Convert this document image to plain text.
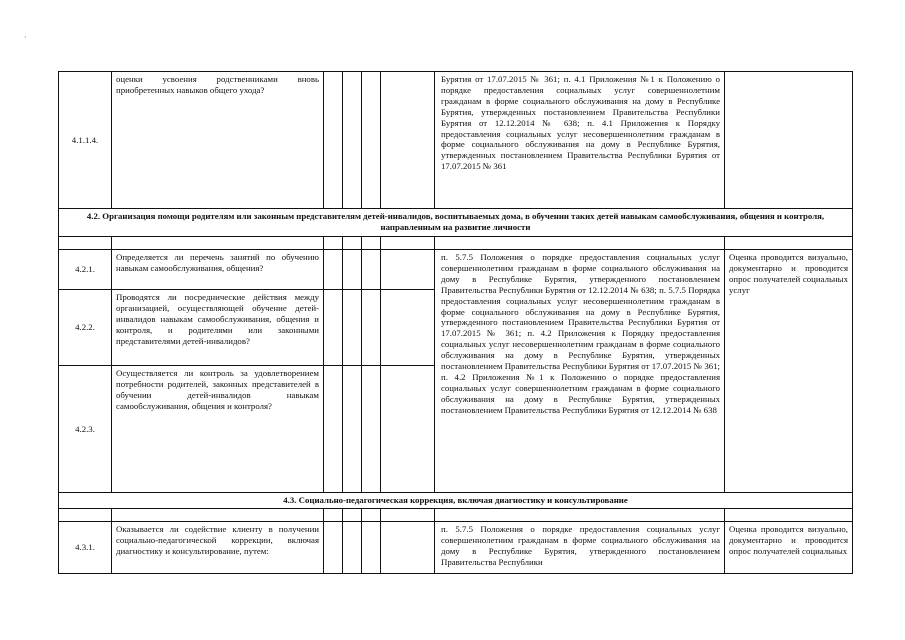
·
4.1.1.4.	оценки усвоения родственниками вновь приобретенных навыков общего ухода?					Бурятия от 17.07.2015 № 361; п. 4.1 Приложения №1 к Положению о порядке предоставления социальных услуг совершеннолетним гражданам в форме социального обслуживания на дому в Республике Бурятия, утвержденных постановлением Правительства Республики Бурятия от 12.12.2014 № 638; п. 4.1 Приложения к Порядку предоставления социальных услуг несовершеннолетним гражданам в форме социального обслуживания на дому в Республике Бурятия, утвержденных постановлением Правительства Республики Бурятия от 17.07.2015 № 361	
4.2. Организация помощи родителям или законным представителям детей-инвалидов, воспитываемых дома, в обучении таких детей навыкам самообслуживания, общения и контроля, направленным на развитие личности							

4.2.1.	Определяется ли перечень занятий по обучению навыкам самообслуживания, общения?					п. 5.7.5 Положения о порядке предоставления социальных услуг совершеннолетним гражданам в форме социального обслуживания на дому в Республике Бурятия, утвержденного постановлением Правительства Республики Бурятия от 12.12.2014 № 638; п. 5.7.5 Порядка предоставления социальных услуг несовершеннолетним гражданам в форме социального обслуживания на дому в Республике Бурятия, утвержденного постановлением Правительства Республики Бурятия от 17.07.2015 № 361; п. 4.2 Приложения к Порядку предоставления социальных услуг несовершеннолетним гражданам в форме социального обслуживания на дому в Республике Бурятия, утвержденных постановлением Правительства Республики Бурятия от 17.07.2015 № 361; п. 4.2 Приложения №1 к Положению о порядке предоставления социальных услуг совершеннолетним гражданам в форме социального обслуживания на дому в Республике Бурятия, утвержденных постановлением Правительства Республики Бурятия от 12.12.2014 № 638	Оценка проводится визуально, документарно и проводится опрос получателей социальных услуг
4.2.2.	Проводятся ли посреднические действия между организацией, осуществляющей обучение детей-инвалидов навыкам самообслуживания, общения и контроля, и родителями или законными представителями детей-инвалидов?						
4.2.3.	Осуществляется ли контроль за удовлетворением потребности родителей, законных представителей в обучении детей-инвалидов навыкам самообслуживания, общения и контроля?						
4.3. Социально-педагогическая коррекция, включая диагностику и консультирование							

4.3.1.	Оказывается ли содействие клиенту в получении социально-педагогической коррекции, включая диагностику и консультирование, путем:					п. 5.7.5 Положения о порядке предоставления социальных услуг совершеннолетним гражданам в форме социального обслуживания на дому в Республике Бурятия, утвержденного постановлением Правительства Республики	Оценка проводится визуально, документарно и проводится опрос получателей социальных
